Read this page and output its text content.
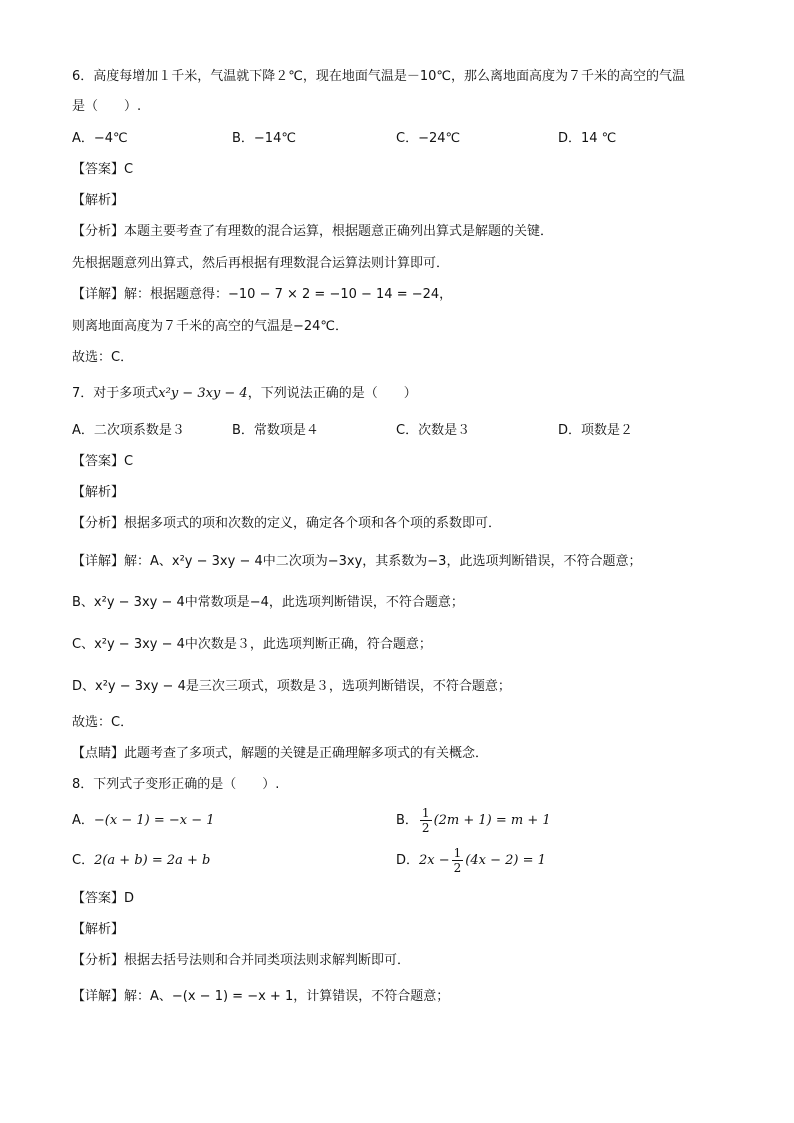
6．高度每增加１千米，气温就下降２℃，现在地面气温是－10℃，那么离地面高度为７千米的高空的气温
是（　　）.
A．−4℃	B．−14℃	C．−24℃	D．14 ℃
【答案】C
【解析】
【分析】本题主要考查了有理数的混合运算，根据题意正确列出算式是解题的关键．
先根据题意列出算式，然后再根据有理数混合运算法则计算即可．
【详解】解：根据题意得：−10 − 7 × 2 = −10 − 14 = −24，
则离地面高度为７千米的高空的气温是−24℃．
故选：C．
7．对于多项式x²y − 3xy − 4，下列说法正确的是（　　）
A．二次项系数是３	B．常数项是４	C．次数是３	D．项数是２
【答案】C
【解析】
【分析】根据多项式的项和次数的定义，确定各个项和各个项的系数即可．
【详解】解：A、x²y − 3xy − 4中二次项为−3xy，其系数为−3，此选项判断错误，不符合题意；
B、x²y − 3xy − 4中常数项是−4，此选项判断错误，不符合题意；
C、x²y − 3xy − 4中次数是３，此选项判断正确，符合题意；
D、x²y − 3xy − 4是三次三项式，项数是３，选项判断错误，不符合题意；
故选：C．
【点睛】此题考查了多项式，解题的关键是正确理解多项式的有关概念．
8．下列式子变形正确的是（　　）.
A．−(x − 1) = −x − 1	B． $\frac{1}{2} (2m + 1) = m + 1$
C．2(a + b) = 2a + b	D．$2x - \frac{1}{2} (4x - 2) = 1$
【答案】D
【解析】
【分析】根据去括号法则和合并同类项法则求解判断即可．
【详解】解：A、−(x − 1) = −x + 1，计算错误，不符合题意；
